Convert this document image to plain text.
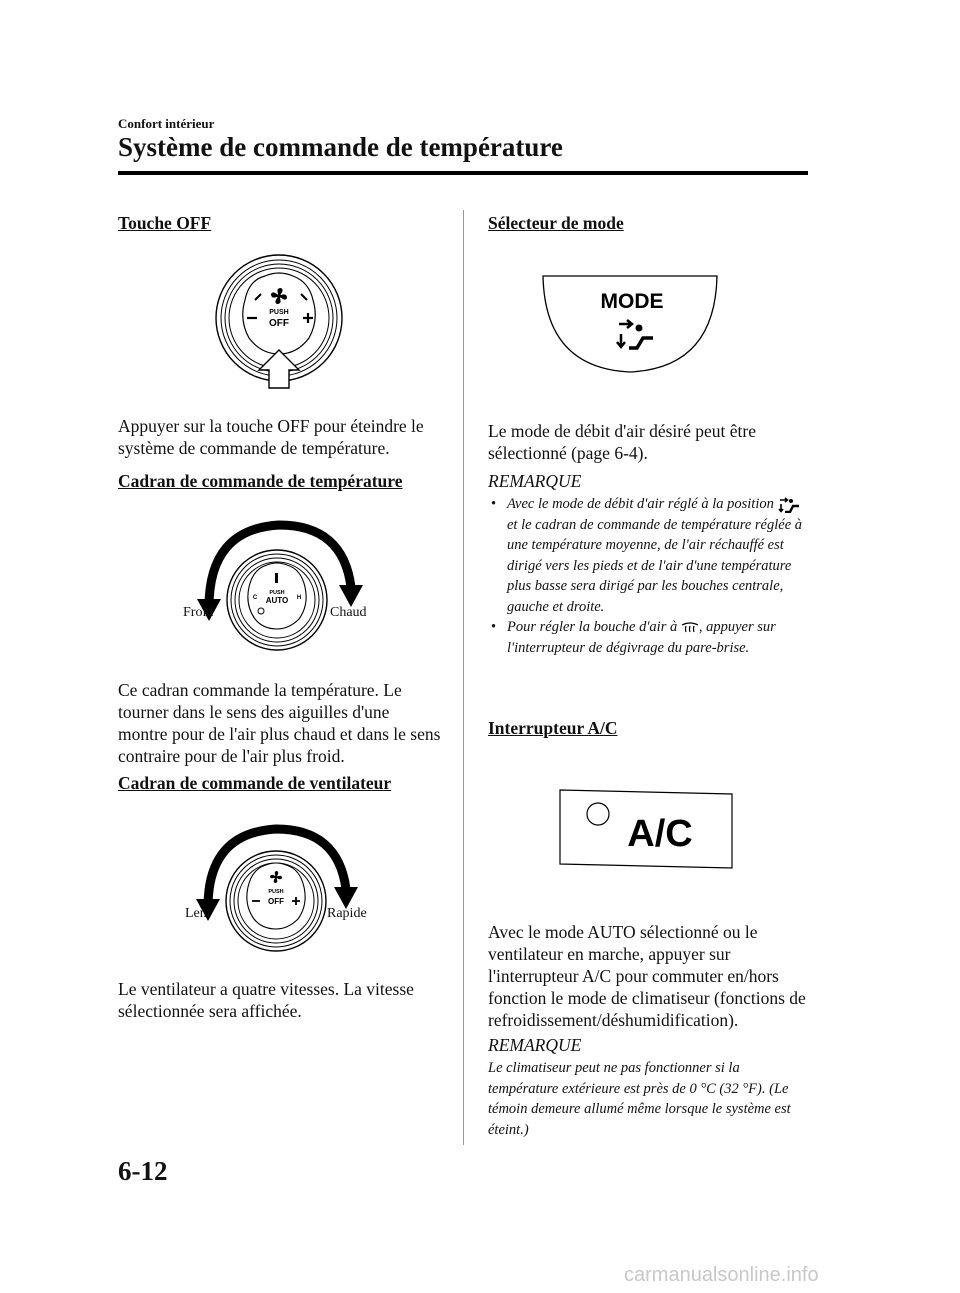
Confort intérieur
Système de commande de température
Touche OFF
PUSH
OFF
Appuyer sur la touche OFF pour éteindre le système de commande de température.
Cadran de commande de température
PUSH
AUTO
C	H
Froid	Chaud
Ce cadran commande la température. Le tourner dans le sens des aiguilles d'une montre pour de l'air plus chaud et dans le sens contraire pour de l'air plus froid.
Cadran de commande de ventilateur
PUSH
OFF
Lent	Rapide
Le ventilateur a quatre vitesses. La vitesse sélectionnée sera affichée.
Sélecteur de mode
MODE
Le mode de débit d'air désiré peut être sélectionné (page 6-4).
REMARQUE
• Avec le mode de débit d'air réglé à la position  et le cadran de commande de température réglée à une température moyenne, de l'air réchauffé est dirigé vers les pieds et de l'air d'une température plus basse sera dirigé par les bouches centrale, gauche et droite.
• Pour régler la bouche d'air à , appuyer sur l'interrupteur de dégivrage du pare-brise.
Interrupteur A/C
A/C
Avec le mode AUTO sélectionné ou le ventilateur en marche, appuyer sur l'interrupteur A/C pour commuter en/hors fonction le mode de climatiseur (fonctions de refroidissement/déshumidification).
REMARQUE
Le climatiseur peut ne pas fonctionner si la température extérieure est près de 0 °C (32 °F). (Le témoin demeure allumé même lorsque le système est éteint.)
6-12
carmanualsonline.info
